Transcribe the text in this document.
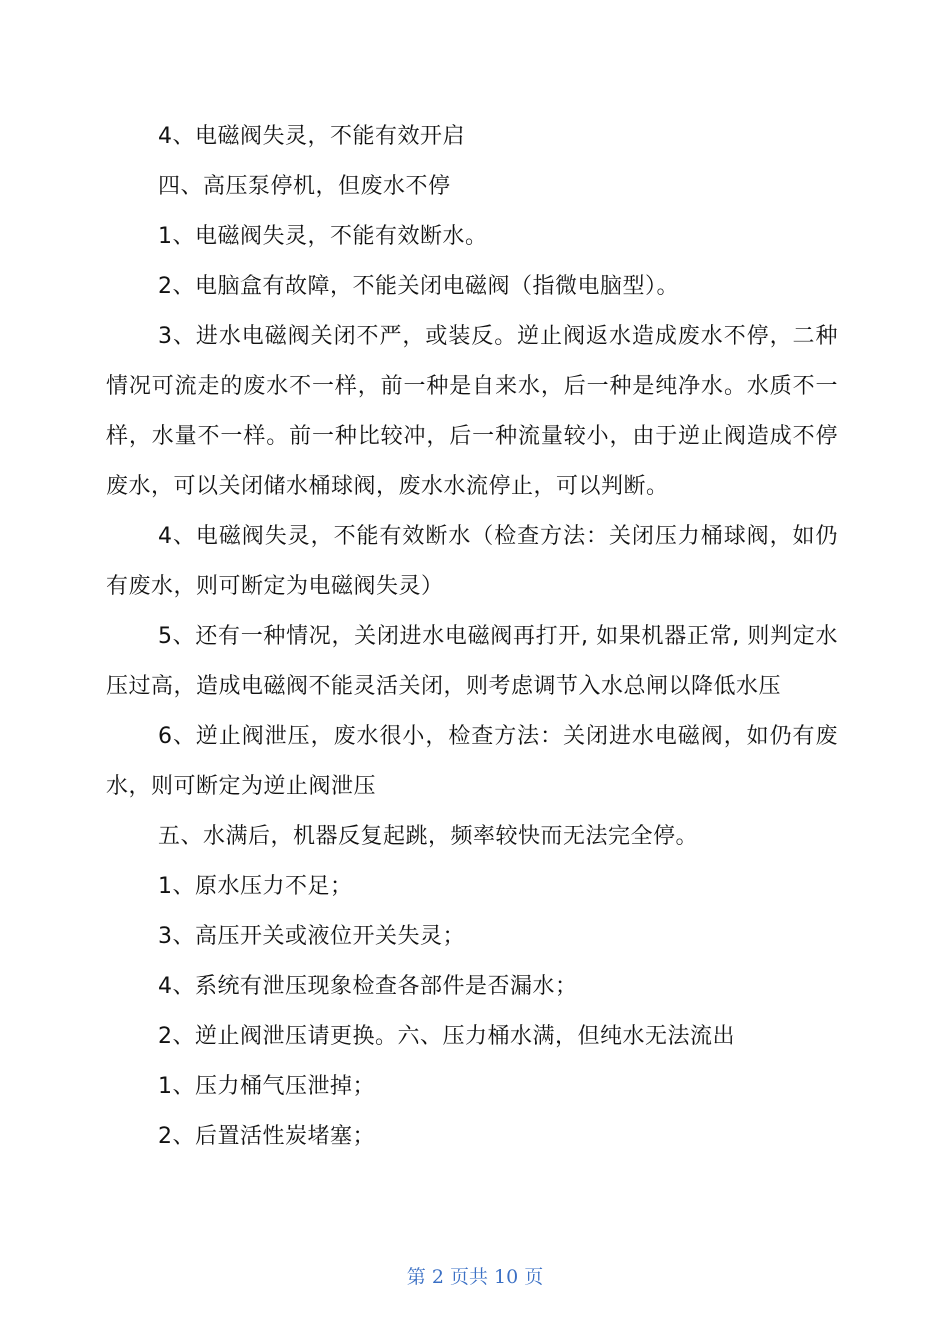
4、电磁阀失灵，不能有效开启

四、高压泵停机，但废水不停

1、电磁阀失灵，不能有效断水。

2、电脑盒有故障，不能关闭电磁阀（指微电脑型）。

3、进水电磁阀关闭不严，或装反。逆止阀返水造成废水不停，二种情况可流走的废水不一样，前一种是自来水，后一种是纯净水。水质不一样，水量不一样。前一种比较冲，后一种流量较小，由于逆止阀造成不停废水，可以关闭储水桶球阀，废水水流停止，可以判断。

4、电磁阀失灵，不能有效断水（检查方法：关闭压力桶球阀，如仍有废水，则可断定为电磁阀失灵）

5、还有一种情况，关闭进水电磁阀再打开, 如果机器正常, 则判定水压过高，造成电磁阀不能灵活关闭，则考虑调节入水总闸以降低水压

6、逆止阀泄压，废水很小，检查方法：关闭进水电磁阀，如仍有废水，则可断定为逆止阀泄压

五、水满后，机器反复起跳，频率较快而无法完全停。

1、原水压力不足；

3、高压开关或液位开关失灵；

4、系统有泄压现象检查各部件是否漏水；

2、逆止阀泄压请更换。六、压力桶水满，但纯水无法流出

1、压力桶气压泄掉；

2、后置活性炭堵塞；

第 2 页共 10 页
